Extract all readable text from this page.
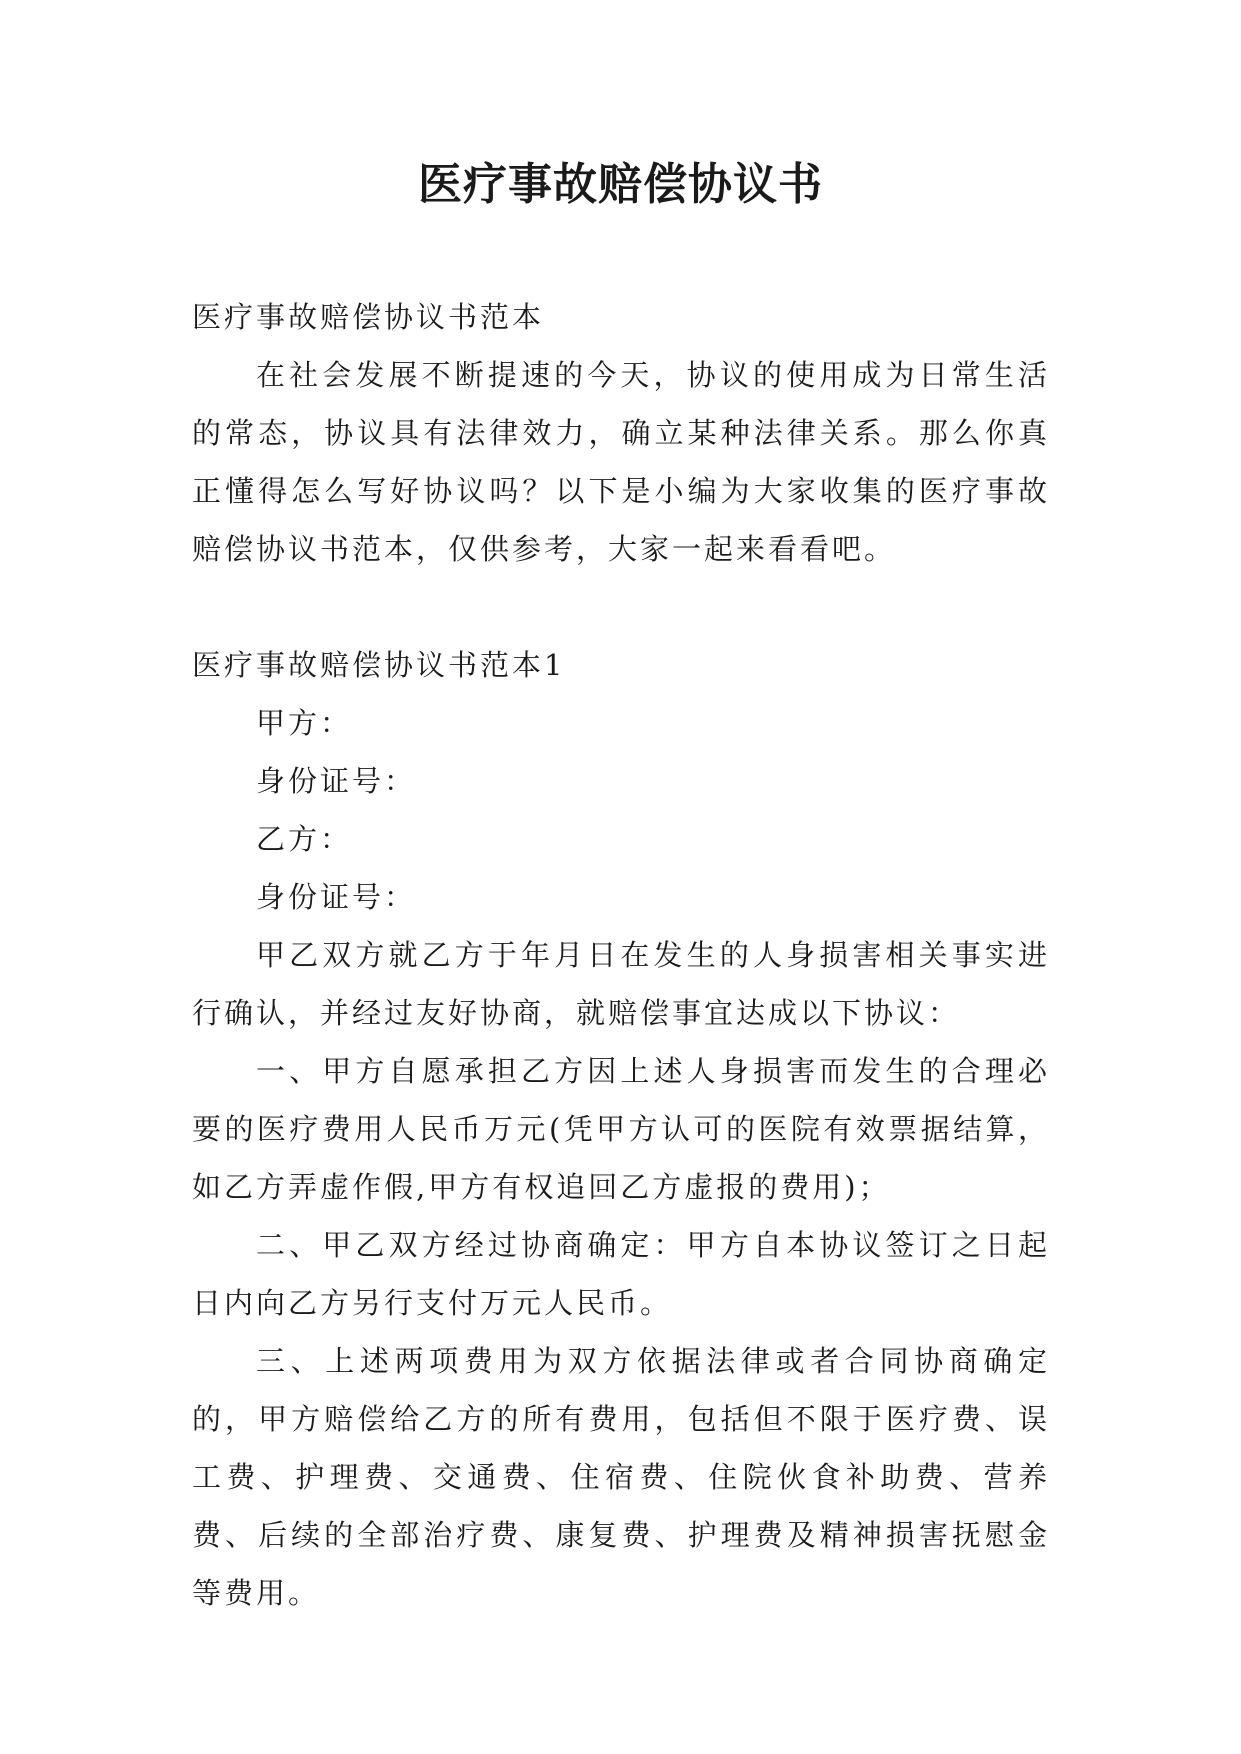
医疗事故赔偿协议书

医疗事故赔偿协议书范本

在社会发展不断提速的今天，协议的使用成为日常生活的常态，协议具有法律效力，确立某种法律关系。那么你真正懂得怎么写好协议吗？以下是小编为大家收集的医疗事故赔偿协议书范本，仅供参考，大家一起来看看吧。

医疗事故赔偿协议书范本1

甲方：

身份证号：

乙方：

身份证号：

甲乙双方就乙方于年月日在发生的人身损害相关事实进行确认，并经过友好协商，就赔偿事宜达成以下协议：

一、甲方自愿承担乙方因上述人身损害而发生的合理必要的医疗费用人民币万元(凭甲方认可的医院有效票据结算，如乙方弄虚作假,甲方有权追回乙方虚报的费用)；

二、甲乙双方经过协商确定：甲方自本协议签订之日起日内向乙方另行支付万元人民币。

三、上述两项费用为双方依据法律或者合同协商确定的，甲方赔偿给乙方的所有费用，包括但不限于医疗费、误工费、护理费、交通费、住宿费、住院伙食补助费、营养费、后续的全部治疗费、康复费、护理费及精神损害抚慰金等费用。
